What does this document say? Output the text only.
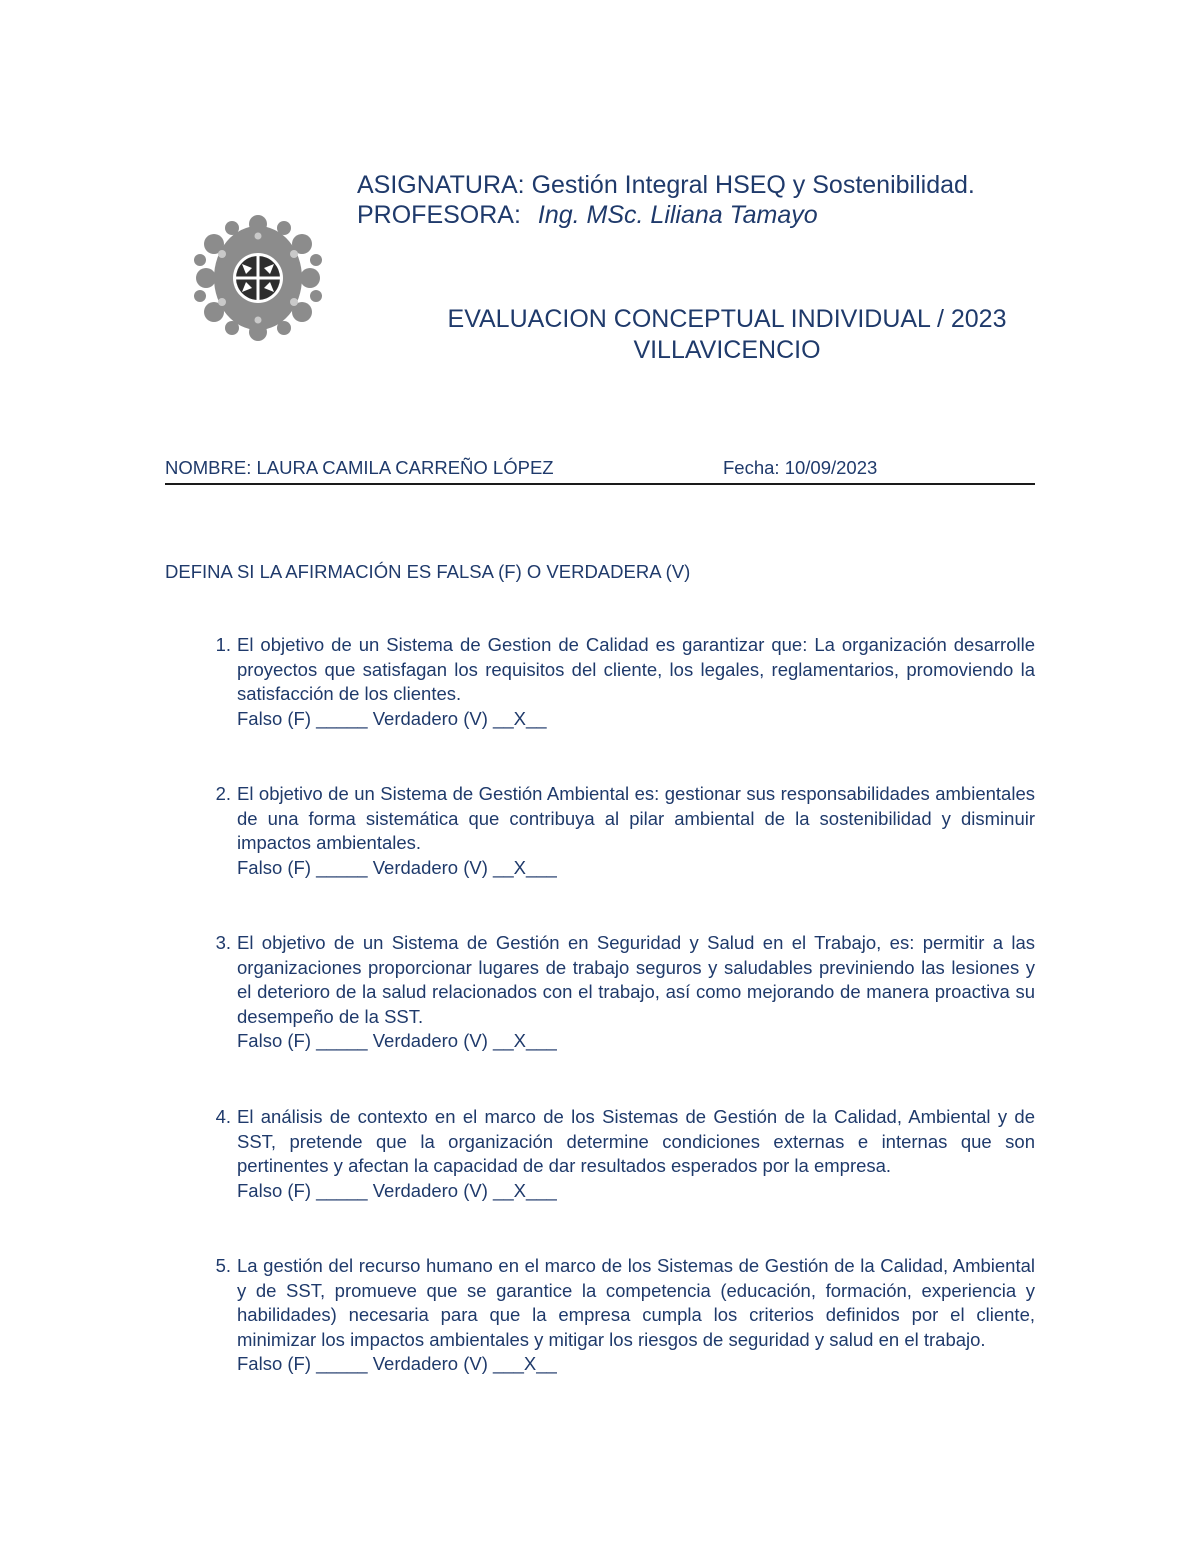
ASIGNATURA: Gestión Integral HSEQ y Sostenibilidad.
PROFESORA: Ing. MSc. Liliana Tamayo
EVALUACION CONCEPTUAL INDIVIDUAL / 2023
VILLAVICENCIO
NOMBRE: LAURA CAMILA CARREÑO LÓPEZ	Fecha: 10/09/2023
DEFINA SI LA AFIRMACIÓN ES FALSA (F) O VERDADERA (V)
1. El objetivo de un Sistema de Gestion de Calidad es garantizar que: La organización desarrolle proyectos que satisfagan los requisitos del cliente, los legales, reglamentarios, promoviendo la satisfacción de los clientes.
Falso (F) _____ Verdadero (V) __X__
2. El objetivo de un Sistema de Gestión Ambiental es: gestionar sus responsabilidades ambientales de una forma sistemática que contribuya al pilar ambiental de la sostenibilidad y disminuir impactos ambientales.
Falso (F) _____ Verdadero (V) __X___
3. El objetivo de un Sistema de Gestión en Seguridad y Salud en el Trabajo, es: permitir a las organizaciones proporcionar lugares de trabajo seguros y saludables previniendo las lesiones y el deterioro de la salud relacionados con el trabajo, así como mejorando de manera proactiva su desempeño de la SST.
Falso (F) _____ Verdadero (V) __X___
4. El análisis de contexto en el marco de los Sistemas de Gestión de la Calidad, Ambiental y de SST, pretende que la organización determine condiciones externas e internas que son pertinentes y afectan la capacidad de dar resultados esperados por la empresa.
Falso (F) _____ Verdadero (V) __X___
5. La gestión del recurso humano en el marco de los Sistemas de Gestión de la Calidad, Ambiental y de SST, promueve que se garantice la competencia (educación, formación, experiencia y habilidades) necesaria para que la empresa cumpla los criterios definidos por el cliente, minimizar los impactos ambientales y mitigar los riesgos de seguridad y salud en el trabajo.
Falso (F) _____ Verdadero (V) ___X__
